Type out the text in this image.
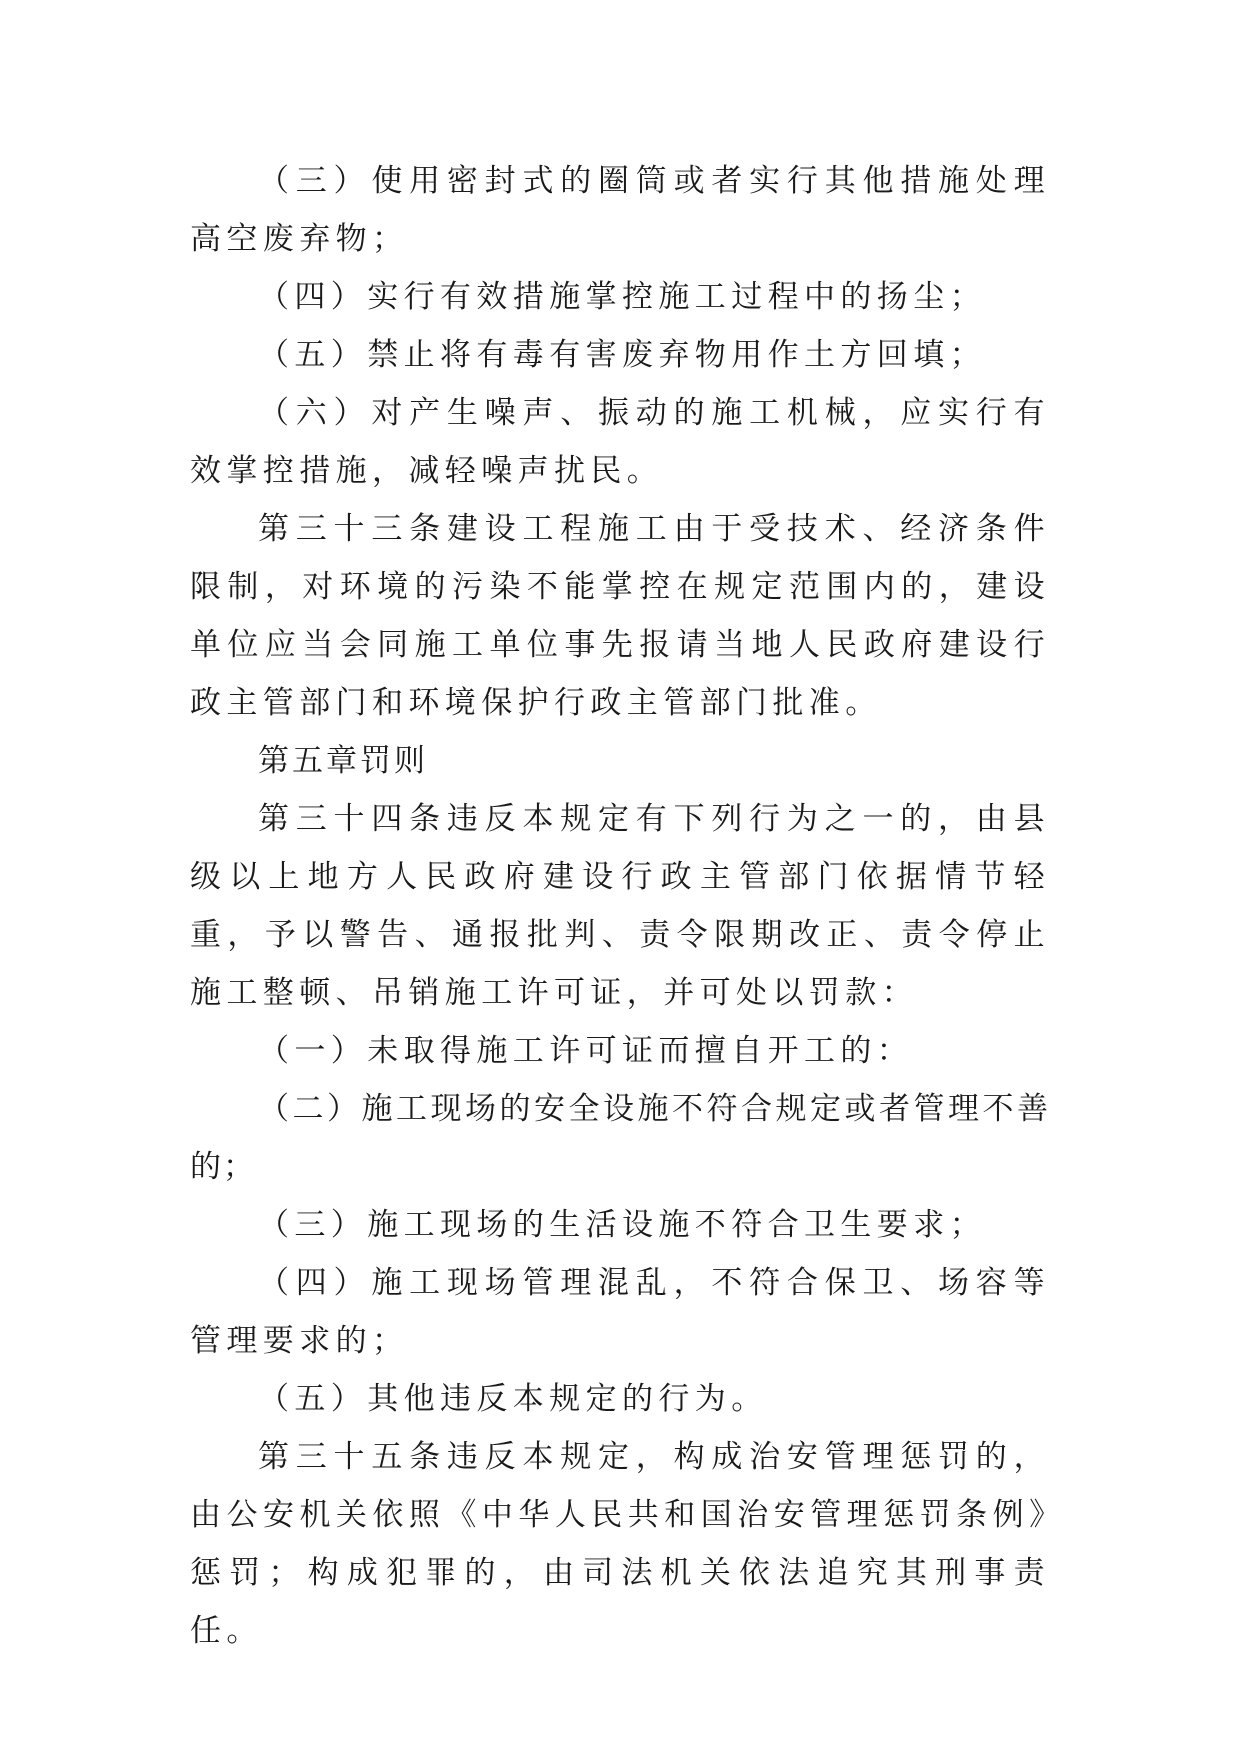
（三）使用密封式的圈筒或者实行其他措施处理高空废弃物；

（四）实行有效措施掌控施工过程中的扬尘；

（五）禁止将有毒有害废弃物用作土方回填；

（六）对产生噪声、振动的施工机械，应实行有效掌控措施，减轻噪声扰民。

第三十三条建设工程施工由于受技术、经济条件限制，对环境的污染不能掌控在规定范围内的，建设单位应当会同施工单位事先报请当地人民政府建设行政主管部门和环境保护行政主管部门批准。

第五章罚则

第三十四条违反本规定有下列行为之一的，由县级以上地方人民政府建设行政主管部门依据情节轻重，予以警告、通报批判、责令限期改正、责令停止施工整顿、吊销施工许可证，并可处以罚款：

（一）未取得施工许可证而擅自开工的：

（二）施工现场的安全设施不符合规定或者管理不善的；

（三）施工现场的生活设施不符合卫生要求；

（四）施工现场管理混乱，不符合保卫、场容等管理要求的；

（五）其他违反本规定的行为。

第三十五条违反本规定，构成治安管理惩罚的，由公安机关依照《中华人民共和国治安管理惩罚条例》惩罚；构成犯罪的，由司法机关依法追究其刑事责任。
